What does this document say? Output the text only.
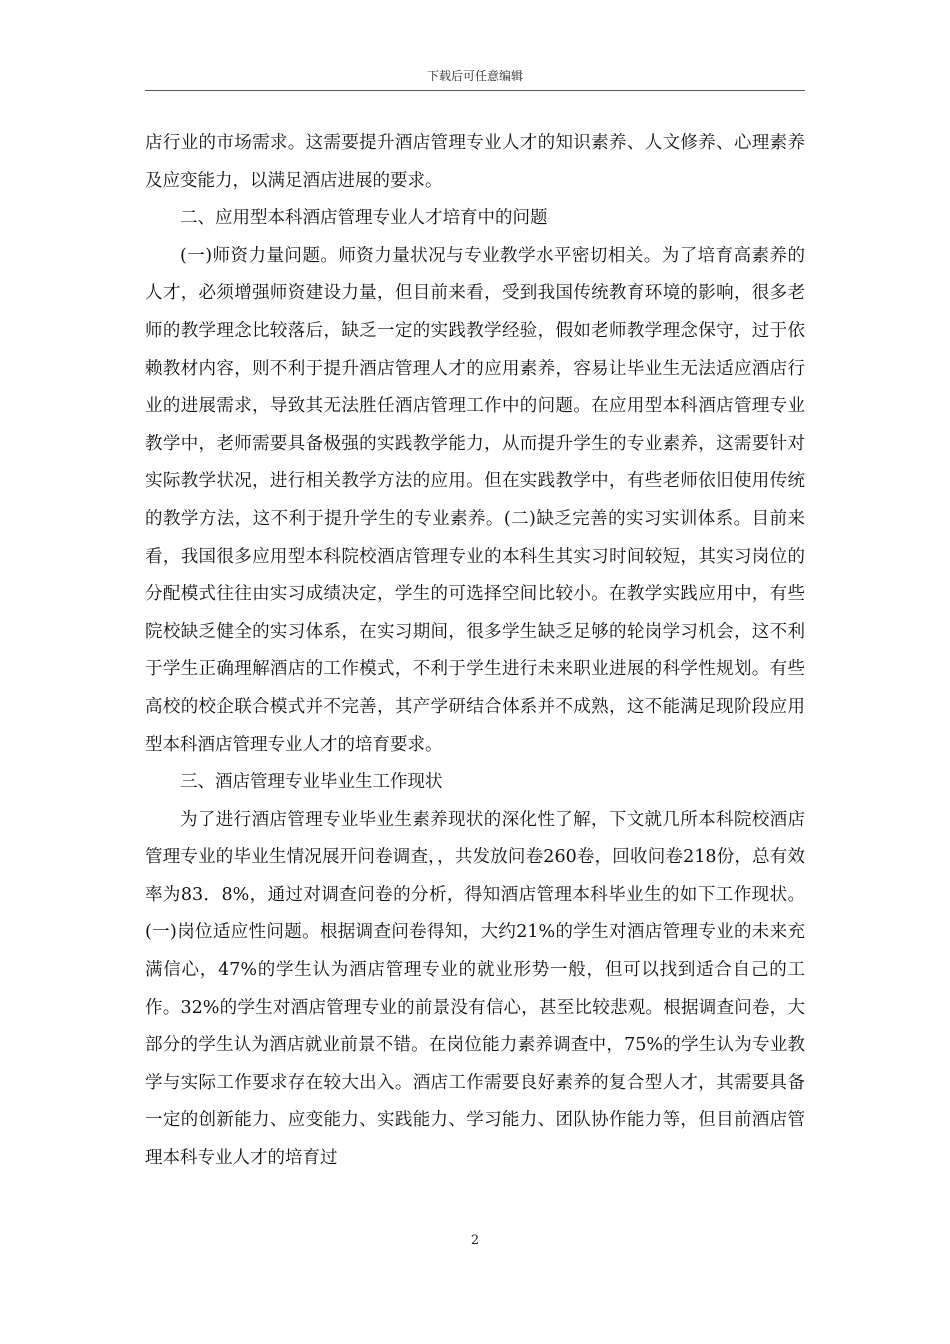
下载后可任意编辑

店行业的市场需求。这需要提升酒店管理专业人才的知识素养、人文修养、心理素养及应变能力，以满足酒店进展的要求。

二、应用型本科酒店管理专业人才培育中的问题

(一)师资力量问题。师资力量状况与专业教学水平密切相关。为了培育高素养的人才，必须增强师资建设力量，但目前来看，受到我国传统教育环境的影响，很多老师的教学理念比较落后，缺乏一定的实践教学经验，假如老师教学理念保守，过于依赖教材内容，则不利于提升酒店管理人才的应用素养，容易让毕业生无法适应酒店行业的进展需求，导致其无法胜任酒店管理工作中的问题。在应用型本科酒店管理专业教学中，老师需要具备极强的实践教学能力，从而提升学生的专业素养，这需要针对实际教学状况，进行相关教学方法的应用。但在实践教学中，有些老师依旧使用传统的教学方法，这不利于提升学生的专业素养。(二)缺乏完善的实习实训体系。目前来看，我国很多应用型本科院校酒店管理专业的本科生其实习时间较短，其实习岗位的分配模式往往由实习成绩决定，学生的可选择空间比较小。在教学实践应用中，有些院校缺乏健全的实习体系，在实习期间，很多学生缺乏足够的轮岗学习机会，这不利于学生正确理解酒店的工作模式，不利于学生进行未来职业进展的科学性规划。有些高校的校企联合模式并不完善，其产学研结合体系并不成熟，这不能满足现阶段应用型本科酒店管理专业人才的培育要求。

三、酒店管理专业毕业生工作现状

为了进行酒店管理专业毕业生素养现状的深化性了解，下文就几所本科院校酒店管理专业的毕业生情况展开问卷调查，，共发放问卷260卷，回收问卷218份，总有效率为83．8%，通过对调查问卷的分析，得知酒店管理本科毕业生的如下工作现状。(一)岗位适应性问题。根据调查问卷得知，大约21%的学生对酒店管理专业的未来充满信心，47%的学生认为酒店管理专业的就业形势一般，但可以找到适合自己的工作。32%的学生对酒店管理专业的前景没有信心，甚至比较悲观。根据调查问卷，大部分的学生认为酒店就业前景不错。在岗位能力素养调查中，75%的学生认为专业教学与实际工作要求存在较大出入。酒店工作需要良好素养的复合型人才，其需要具备一定的创新能力、应变能力、实践能力、学习能力、团队协作能力等，但目前酒店管理本科专业人才的培育过

2
